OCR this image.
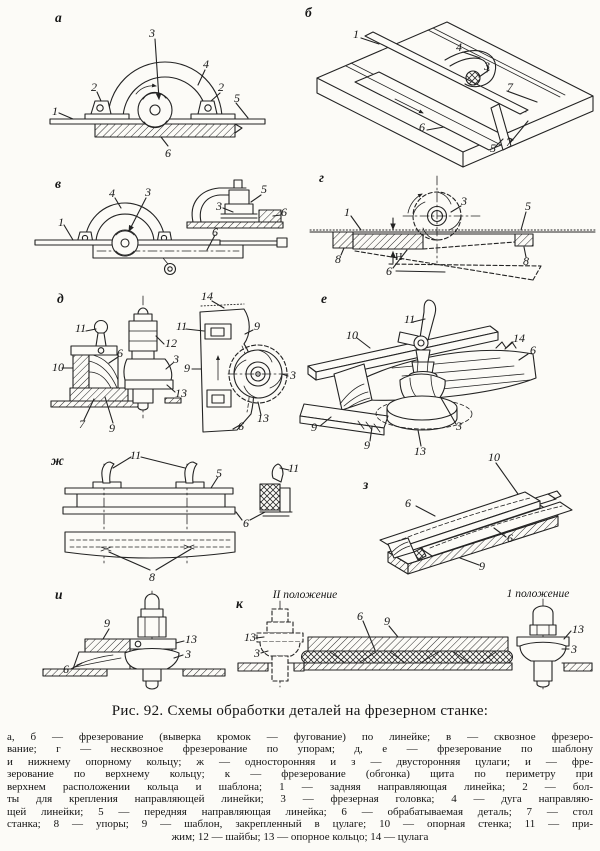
а
3
4
2	2
1
5
6
б
1
4
3
7
6
5 7
в
4	3
1
5
3	6
6
г
3
1	5
8	Н
6
8
д	14
11	9
11
12
10
6	3
9	3
13
7 9
13
6
е
11
10	14
6
9
9	13
3
ж	11
5	11
6
8
з
10
6
6
9
и
9
13
3
6
к
II положение	1 положение
13
3
6 9
13
3
Рис. 92. Схемы обработки деталей на фрезерном станке:
а, б — фрезерование (выверка кромок — фугование) по линейке; в — сквозное фрезеро-
вание; г — несквозное фрезерование по упорам; д, е — фрезерование по шаблону
и нижнему опорному кольцу; ж — односторонняя и з — двусторонняя цулаги; и — фре-
зерование по верхнему кольцу; к — фрезерование (обгонка) щита по периметру при
верхнем расположении кольца и шаблона; 1 — задняя направляющая линейка; 2 — бол-
ты для крепления направляющей линейки; 3 — фрезерная головка; 4 — дуга направляю-
щей линейки; 5 — передняя направляющая линейка; 6 — обрабатываемая деталь; 7 — стол
станка; 8 — упоры; 9 — шаблон, закрепленный в цулаге; 10 — опорная стенка; 11 — при-
жим; 12 — шайбы; 13 — опорное кольцо; 14 — цулага
